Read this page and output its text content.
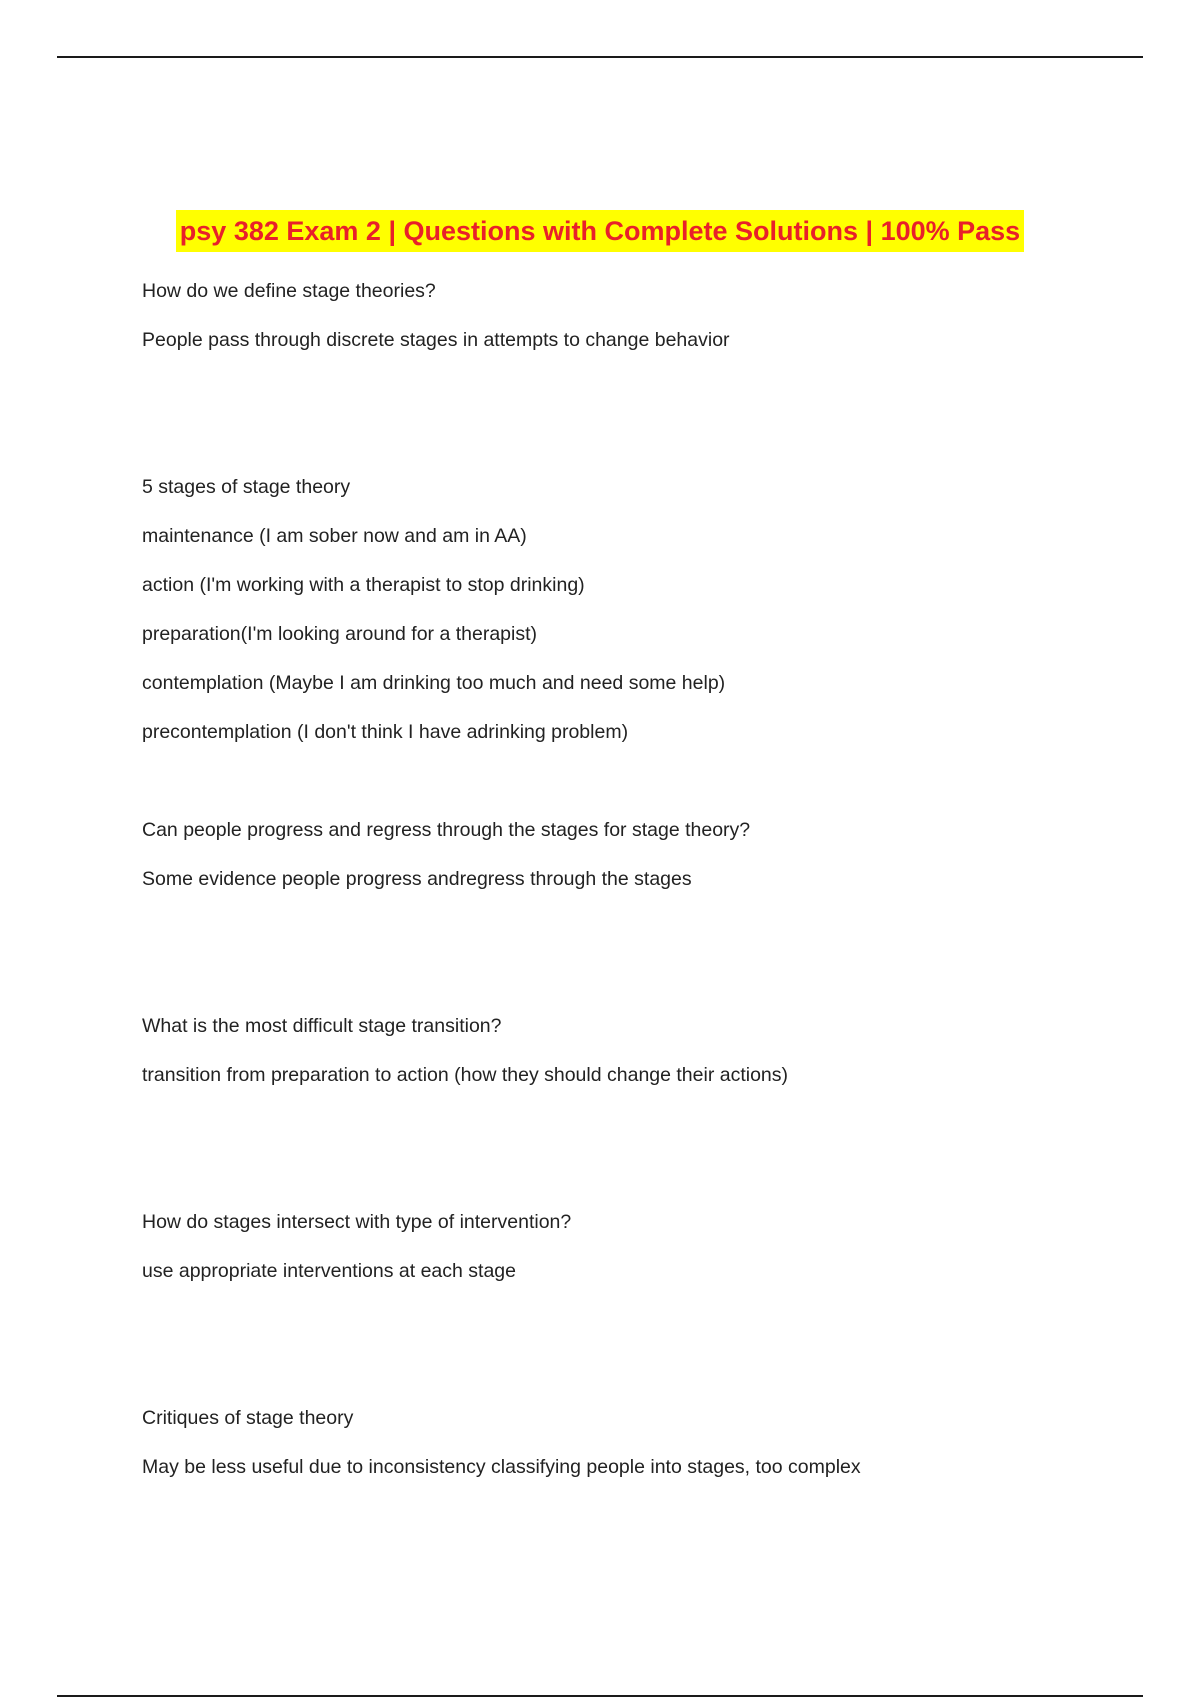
psy 382 Exam 2 | Questions with Complete Solutions | 100% Pass
How do we define stage theories?
People pass through discrete stages in attempts to change behavior
5 stages of stage theory
maintenance (I am sober now and am in AA)
action (I'm working with a therapist to stop drinking)
preparation(I'm looking around for a therapist)
contemplation (Maybe I am drinking too much and need some help)
precontemplation (I don't think I have adrinking problem)
Can people progress and regress through the stages for stage theory?
Some evidence people progress andregress through the stages
What is the most difficult stage transition?
transition from preparation to action (how they should change their actions)
How do stages intersect with type of intervention?
use appropriate interventions at each stage
Critiques of stage theory
May be less useful due to inconsistency classifying people into stages, too complex
